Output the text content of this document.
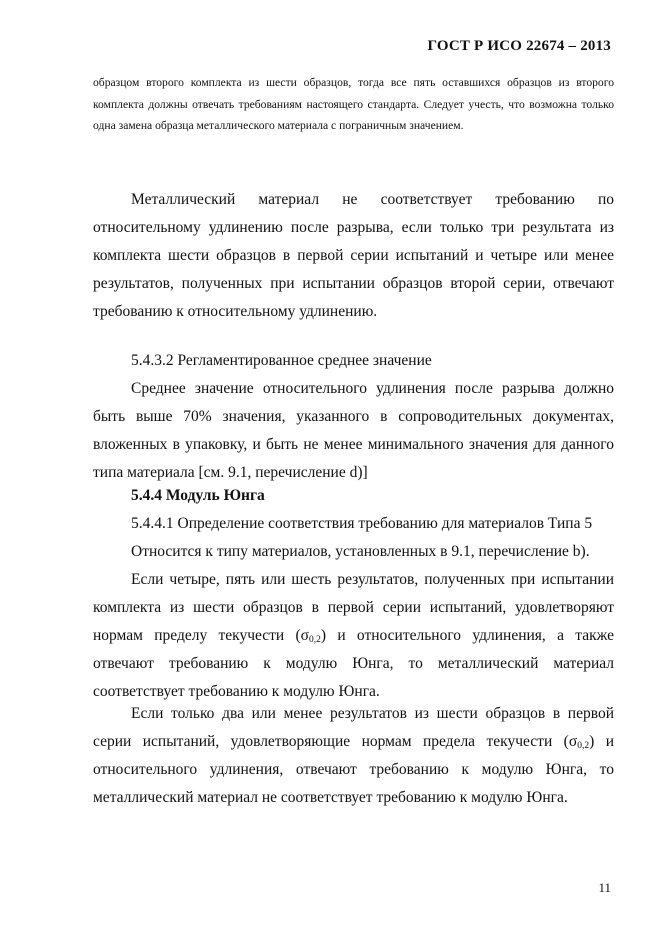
ГОСТ Р ИСО 22674 – 2013

образцом второго комплекта из шести образцов, тогда все пять оставшихся образцов из второго комплекта должны отвечать требованиям настоящего стандарта. Следует учесть, что возможна только одна замена образца металлического материала с пограничным значением.

Металлический материал не соответствует требованию по относительному удлинению после разрыва, если только три результата из комплекта шести образцов в первой серии испытаний и четыре или менее результатов, полученных при испытании образцов второй серии, отвечают требованию к относительному удлинению.

5.4.3.2 Регламентированное среднее значение

Среднее значение относительного удлинения после разрыва должно быть выше 70% значения, указанного в сопроводительных документах, вложенных в упаковку, и быть не менее минимального значения для данного типа материала [см. 9.1, перечисление d)]

5.4.4 Модуль Юнга

5.4.4.1 Определение соответствия требованию для материалов Типа 5

Относится к типу материалов, установленных в 9.1, перечисление b).

Если четыре, пять или шесть результатов, полученных при испытании комплекта из шести образцов в первой серии испытаний, удовлетворяют нормам пределу текучести $(\sigma_{0,2})$ и относительного удлинения, а также отвечают требованию к модулю Юнга, то металлический материал соответствует требованию к модулю Юнга.

Если только два или менее результатов из шести образцов в первой серии испытаний, удовлетворяющие нормам предела текучести $(\sigma_{0,2})$ и относительного удлинения, отвечают требованию к модулю Юнга, то металлический материал не соответствует требованию к модулю Юнга.

11
